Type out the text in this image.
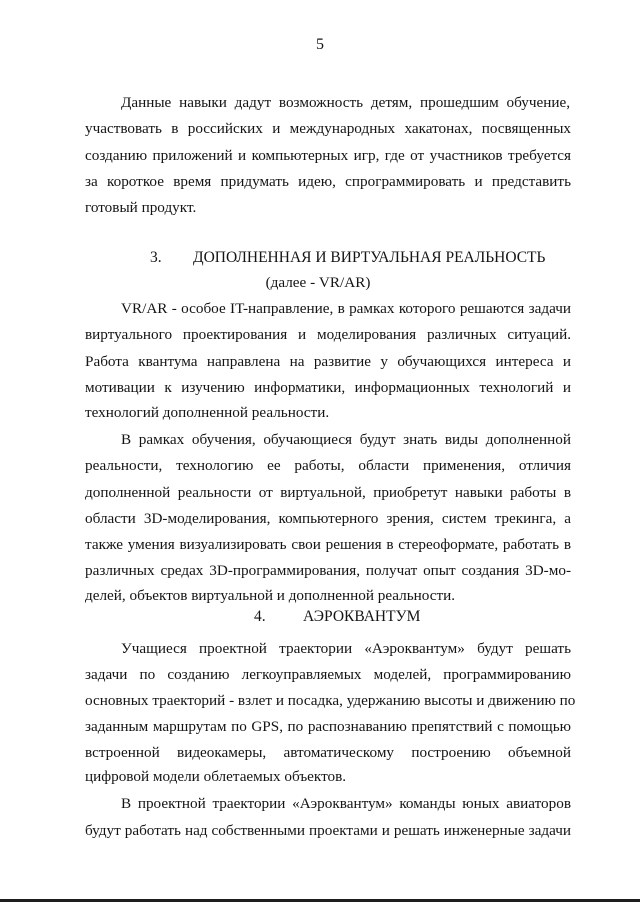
5
Данные навыки дадут возможность детям, прошедшим обучение,
участвовать в российских и международных хакатонах, посвященных
созданию приложений и компьютерных игр, где от участников требуется
за короткое время придумать идею, спрограммировать и представить
готовый продукт.
3.	ДОПОЛНЕННАЯ И ВИРТУАЛЬНАЯ РЕАЛЬНОСТЬ
(далее - VR/AR)
VR/AR - особое IT-направление, в рамках которого решаются задачи
виртуального проектирования и моделирования различных ситуаций.
Работа квантума направлена на развитие у обучающихся интереса и
мотивации к изучению информатики, информационных технологий и
технологий дополненной реальности.
В рамках обучения, обучающиеся будут знать виды дополненной
реальности, технологию ее работы, области применения, отличия
дополненной реальности от виртуальной, приобретут навыки работы в
области 3D-моделирования, компьютерного зрения, систем трекинга, а
также умения визуализировать свои решения в стереоформате, работать в
различных средах 3D-программирования, получат опыт создания 3D-мо-
делей, объектов виртуальной и дополненной реальности.
4.	АЭРОКВАНТУМ
Учащиеся проектной траектории «Аэроквантум» будут решать
задачи по созданию легкоуправляемых моделей, программированию
основных траекторий - взлет и посадка, удержанию высоты и движению по
заданным маршрутам по GPS, по распознаванию препятствий с помощью
встроенной видеокамеры, автоматическому построению объемной
цифровой модели облетаемых объектов.
В проектной траектории «Аэроквантум» команды юных авиаторов
будут работать над собственными проектами и решать инженерные задачи
